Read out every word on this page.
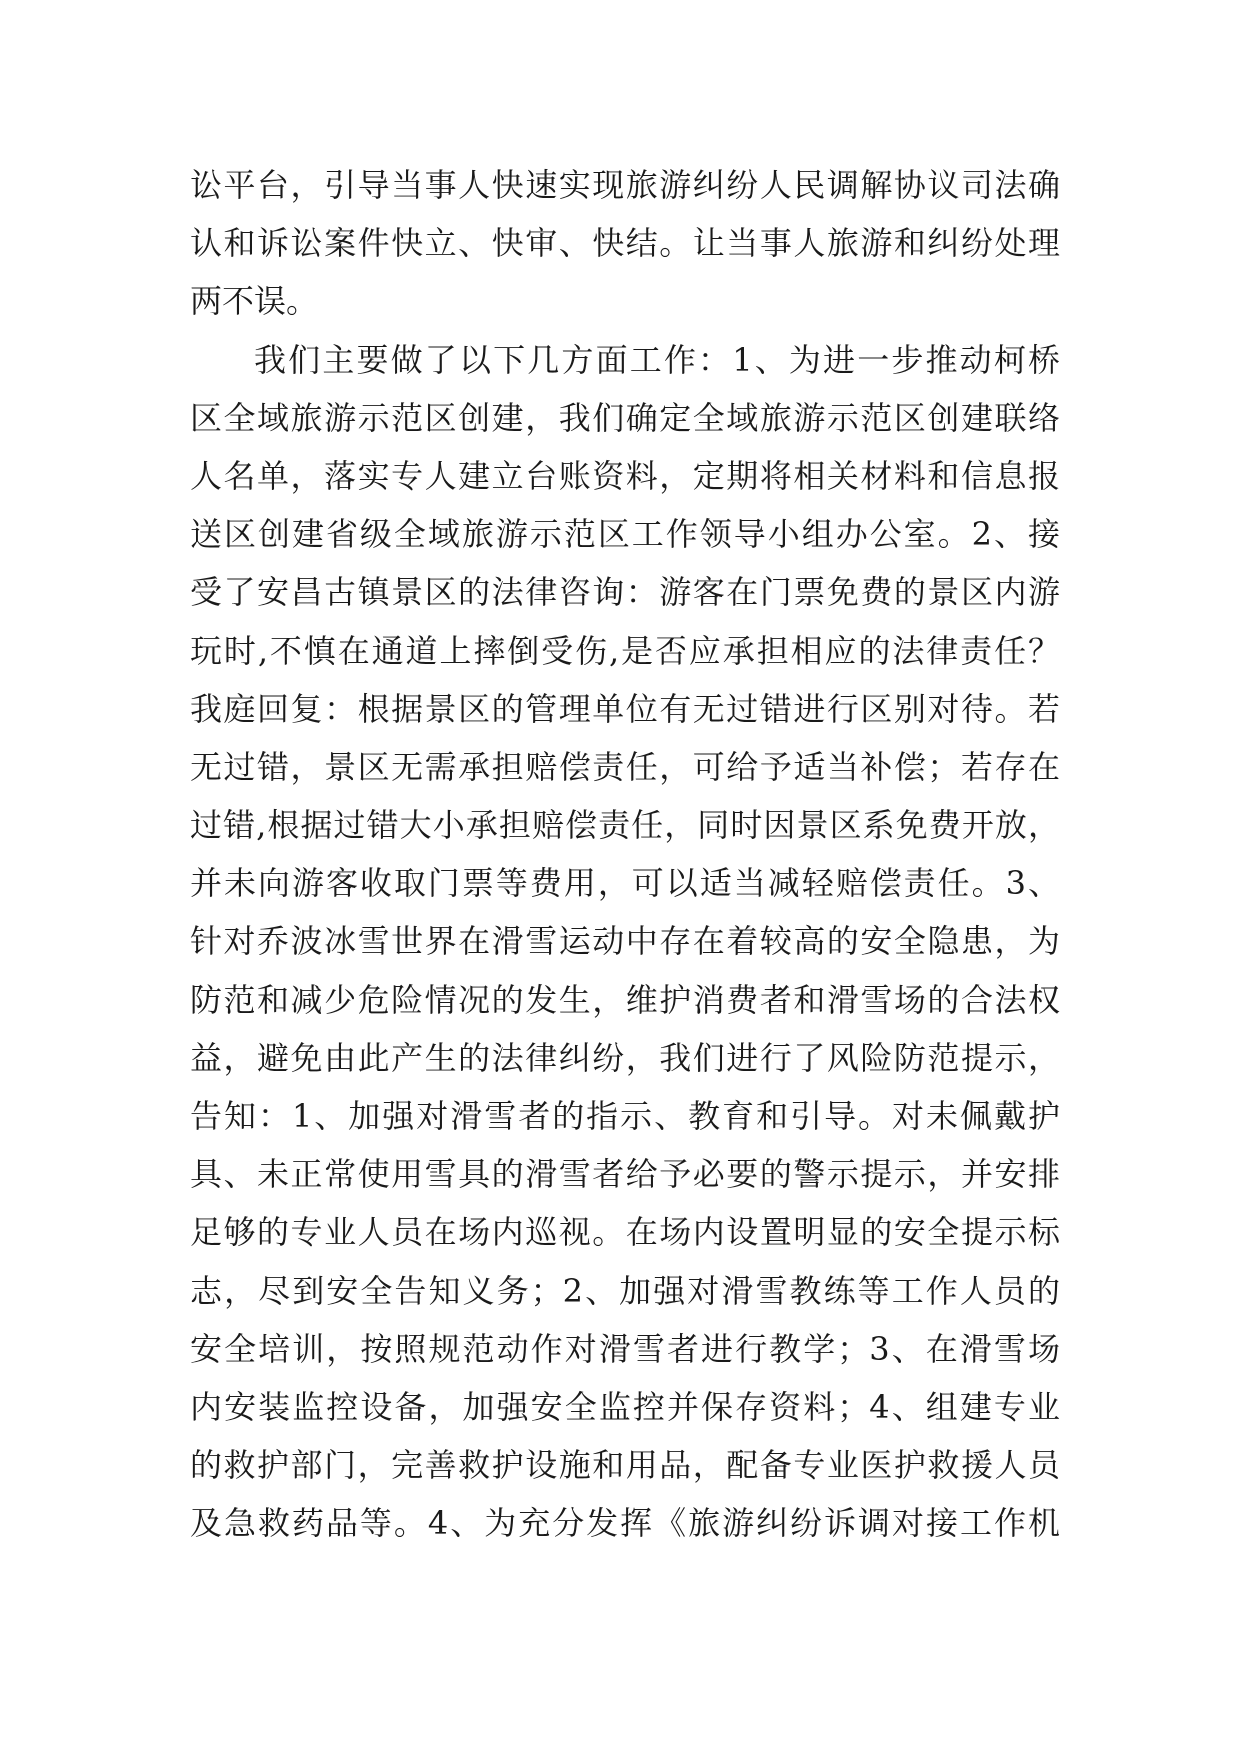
讼平台，引导当事人快速实现旅游纠纷人民调解协议司法确
认和诉讼案件快立、快审、快结。让当事人旅游和纠纷处理
两不误。
我们主要做了以下几方面工作：1、为进一步推动柯桥
区全域旅游示范区创建，我们确定全域旅游示范区创建联络
人名单，落实专人建立台账资料，定期将相关材料和信息报
送区创建省级全域旅游示范区工作领导小组办公室。2、接
受了安昌古镇景区的法律咨询：游客在门票免费的景区内游
玩时,不慎在通道上摔倒受伤,是否应承担相应的法律责任？
我庭回复：根据景区的管理单位有无过错进行区别对待。若
无过错，景区无需承担赔偿责任，可给予适当补偿；若存在
过错,根据过错大小承担赔偿责任，同时因景区系免费开放，
并未向游客收取门票等费用，可以适当减轻赔偿责任。3、
针对乔波冰雪世界在滑雪运动中存在着较高的安全隐患，为
防范和减少危险情况的发生，维护消费者和滑雪场的合法权
益，避免由此产生的法律纠纷，我们进行了风险防范提示，
告知：1、加强对滑雪者的指示、教育和引导。对未佩戴护
具、未正常使用雪具的滑雪者给予必要的警示提示，并安排
足够的专业人员在场内巡视。在场内设置明显的安全提示标
志，尽到安全告知义务；2、加强对滑雪教练等工作人员的
安全培训，按照规范动作对滑雪者进行教学；3、在滑雪场
内安装监控设备，加强安全监控并保存资料；4、组建专业
的救护部门，完善救护设施和用品，配备专业医护救援人员
及急救药品等。4、为充分发挥《旅游纠纷诉调对接工作机
